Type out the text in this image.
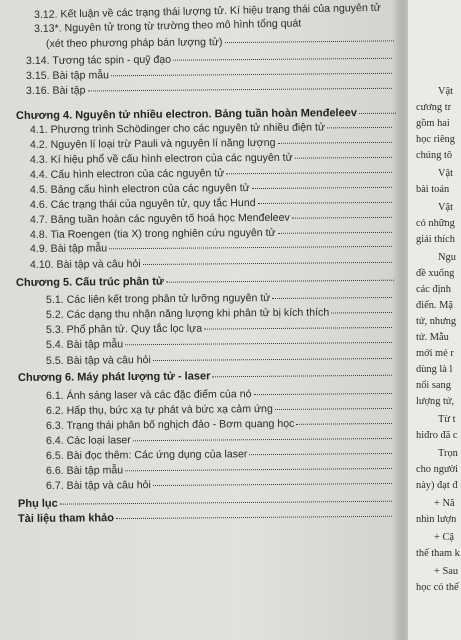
3.12. Kết luận về các trạng thái lượng tử. Kí hiệu trạng thái của nguyên tử
3.13*. Nguyên tử trong từ trường theo mô hình tổng quát
(xét theo phương pháp bán lượng tử)
3.14. Tương tác spin - quỹ đạo
3.15. Bài tập mẫu
3.16. Bài tập
Chương 4. Nguyên tử nhiều electron. Bảng tuần hoàn Menđeleev
4.1. Phương trình Schödinger cho các nguyên tử nhiều điện tử
4.2. Nguyên lí loại trừ Pauli và nguyên lí năng lượng
4.3. Kí hiệu phổ về cấu hình electron của các nguyên tử
4.4. Cấu hình electron của các nguyên tử
4.5. Bảng cấu hình electron của các nguyên tử
4.6. Các trạng thái của nguyên tử, quy tắc Hund
4.7. Bảng tuần hoàn các nguyên tố hoá học Menđeleev
4.8. Tia Roengen (tia X) trong nghiên cứu nguyên tử
4.9. Bài tập mẫu
4.10. Bài tập và câu hỏi
Chương 5. Cấu trúc phân tử
5.1. Các liên kết trong phân tử lưỡng nguyên tử
5.2. Các dạng thu nhận năng lượng khi phân tử bị kích thích
5.3. Phổ phân tử. Quy tắc lọc lựa
5.4. Bài tập mẫu
5.5. Bài tập và câu hỏi
Chương 6. Máy phát lượng tử - laser
6.1. Ánh sáng laser và các đặc điểm của nó
6.2. Hấp thụ, bức xạ tự phát và bức xạ cảm ứng
6.3. Trạng thái phân bố nghịch đảo - Bơm quang học
6.4. Các loại laser
6.5. Bài đọc thêm: Các ứng dụng của laser
6.6. Bài tập mẫu
6.7. Bài tập và câu hỏi
Phụ lục
Tài liệu tham khảo
Vật
cương tr
gồm hai
học riêng
chúng tô
Vật
bài toán
Vật
có những
giải thích
Ngu
đề xuống
các định
điển. Mặ
tử, nhưng
tử. Mẫu
mới mẻ r
dùng là l
nối sang
lượng tử,
Từ t
hiđro đã c
Trọn
cho người
này) đạt đ
+ Nă
nhìn lượn
+ Cậ
thể tham k
+ Sau
học có thể
